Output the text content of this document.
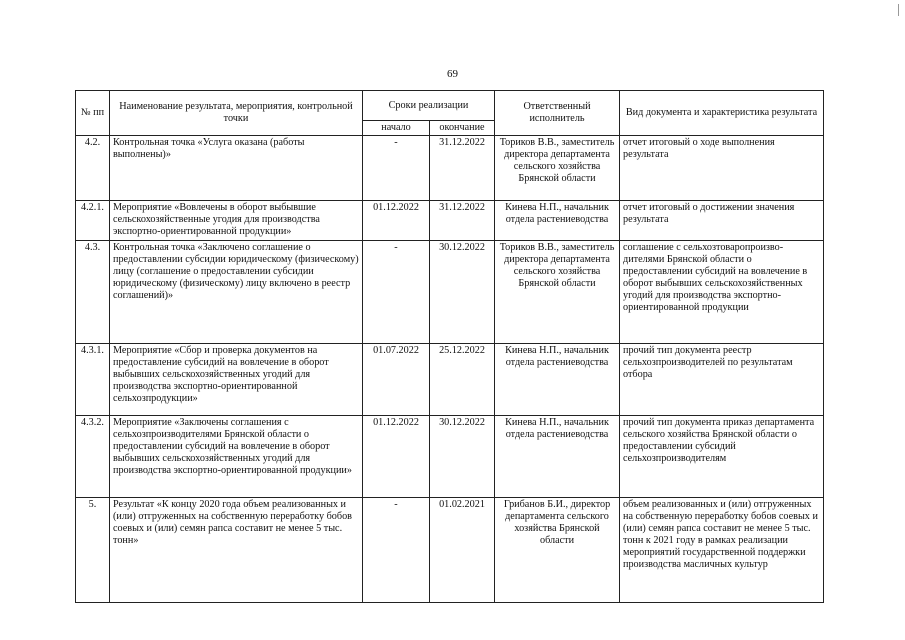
69
№ пп	Наименование результата, мероприятия, контрольной точки	Сроки реализации		Ответственный исполнитель	Вид документа и характеристика результата
		начало	окончание		
4.2.	Контрольная точка «Услуга оказана (работы выполнены)»	-	31.12.2022	Ториков В.В., заместитель директора департамента сельского хозяйства Брянской области	отчет итоговый о ходе выполнения результата
4.2.1.	Мероприятие «Вовлечены в оборот выбывшие сельскохозяйственные угодия для производства экспортно-ориентированной продукции»	01.12.2022	31.12.2022	Кинева Н.П., начальник отдела растениеводства	отчет итоговый о достижении значения результата
4.3.	Контрольная точка «Заключено соглашение о предоставлении субсидии юридическому (физическому) лицу (соглашение о предоставлении субсидии юридическому (физическому) лицу включено в реестр соглашений)»	-	30.12.2022	Ториков В.В., заместитель директора департамента сельского хозяйства Брянской области	соглашение с сельхозтоваропроизво-дителями Брянской области о предоставлении субсидий на вовлечение в оборот выбывших сельскохозяйственных угодий для производства экспортно-ориентированной продукции
4.3.1.	Мероприятие «Сбор и проверка документов на предоставление субсидий на вовлечение в оборот выбывших сельскохозяйственных угодий для производства экспортно-ориентированной сельхозпродукции»	01.07.2022	25.12.2022	Кинева Н.П., начальник отдела растениеводства	прочий тип документа реестр сельхозпроизводителей по результатам отбора
4.3.2.	Мероприятие «Заключены соглашения с сельхозпроизводителями Брянской области о предоставлении субсидий на вовлечение в оборот выбывших сельскохозяйственных угодий для производства экспортно-ориентированной продукции»	01.12.2022	30.12.2022	Кинева Н.П., начальник отдела растениеводства	прочий тип документа приказ департамента сельского хозяйства Брянской области о предоставлении субсидий сельхозпроизводителям
5.	Результат «К концу 2020 года объем реализованных и (или) отгруженных на собственную переработку бобов соевых и (или) семян рапса составит не менее 5 тыс. тонн»	-	01.02.2021	Грибанов Б.И., директор департамента сельского хозяйства Брянской области	объем реализованных и (или) отгруженных на собственную переработку бобов соевых и (или) семян рапса составит не менее 5 тыс. тонн к 2021 году в рамках реализации мероприятий государственной поддержки производства масличных культур
